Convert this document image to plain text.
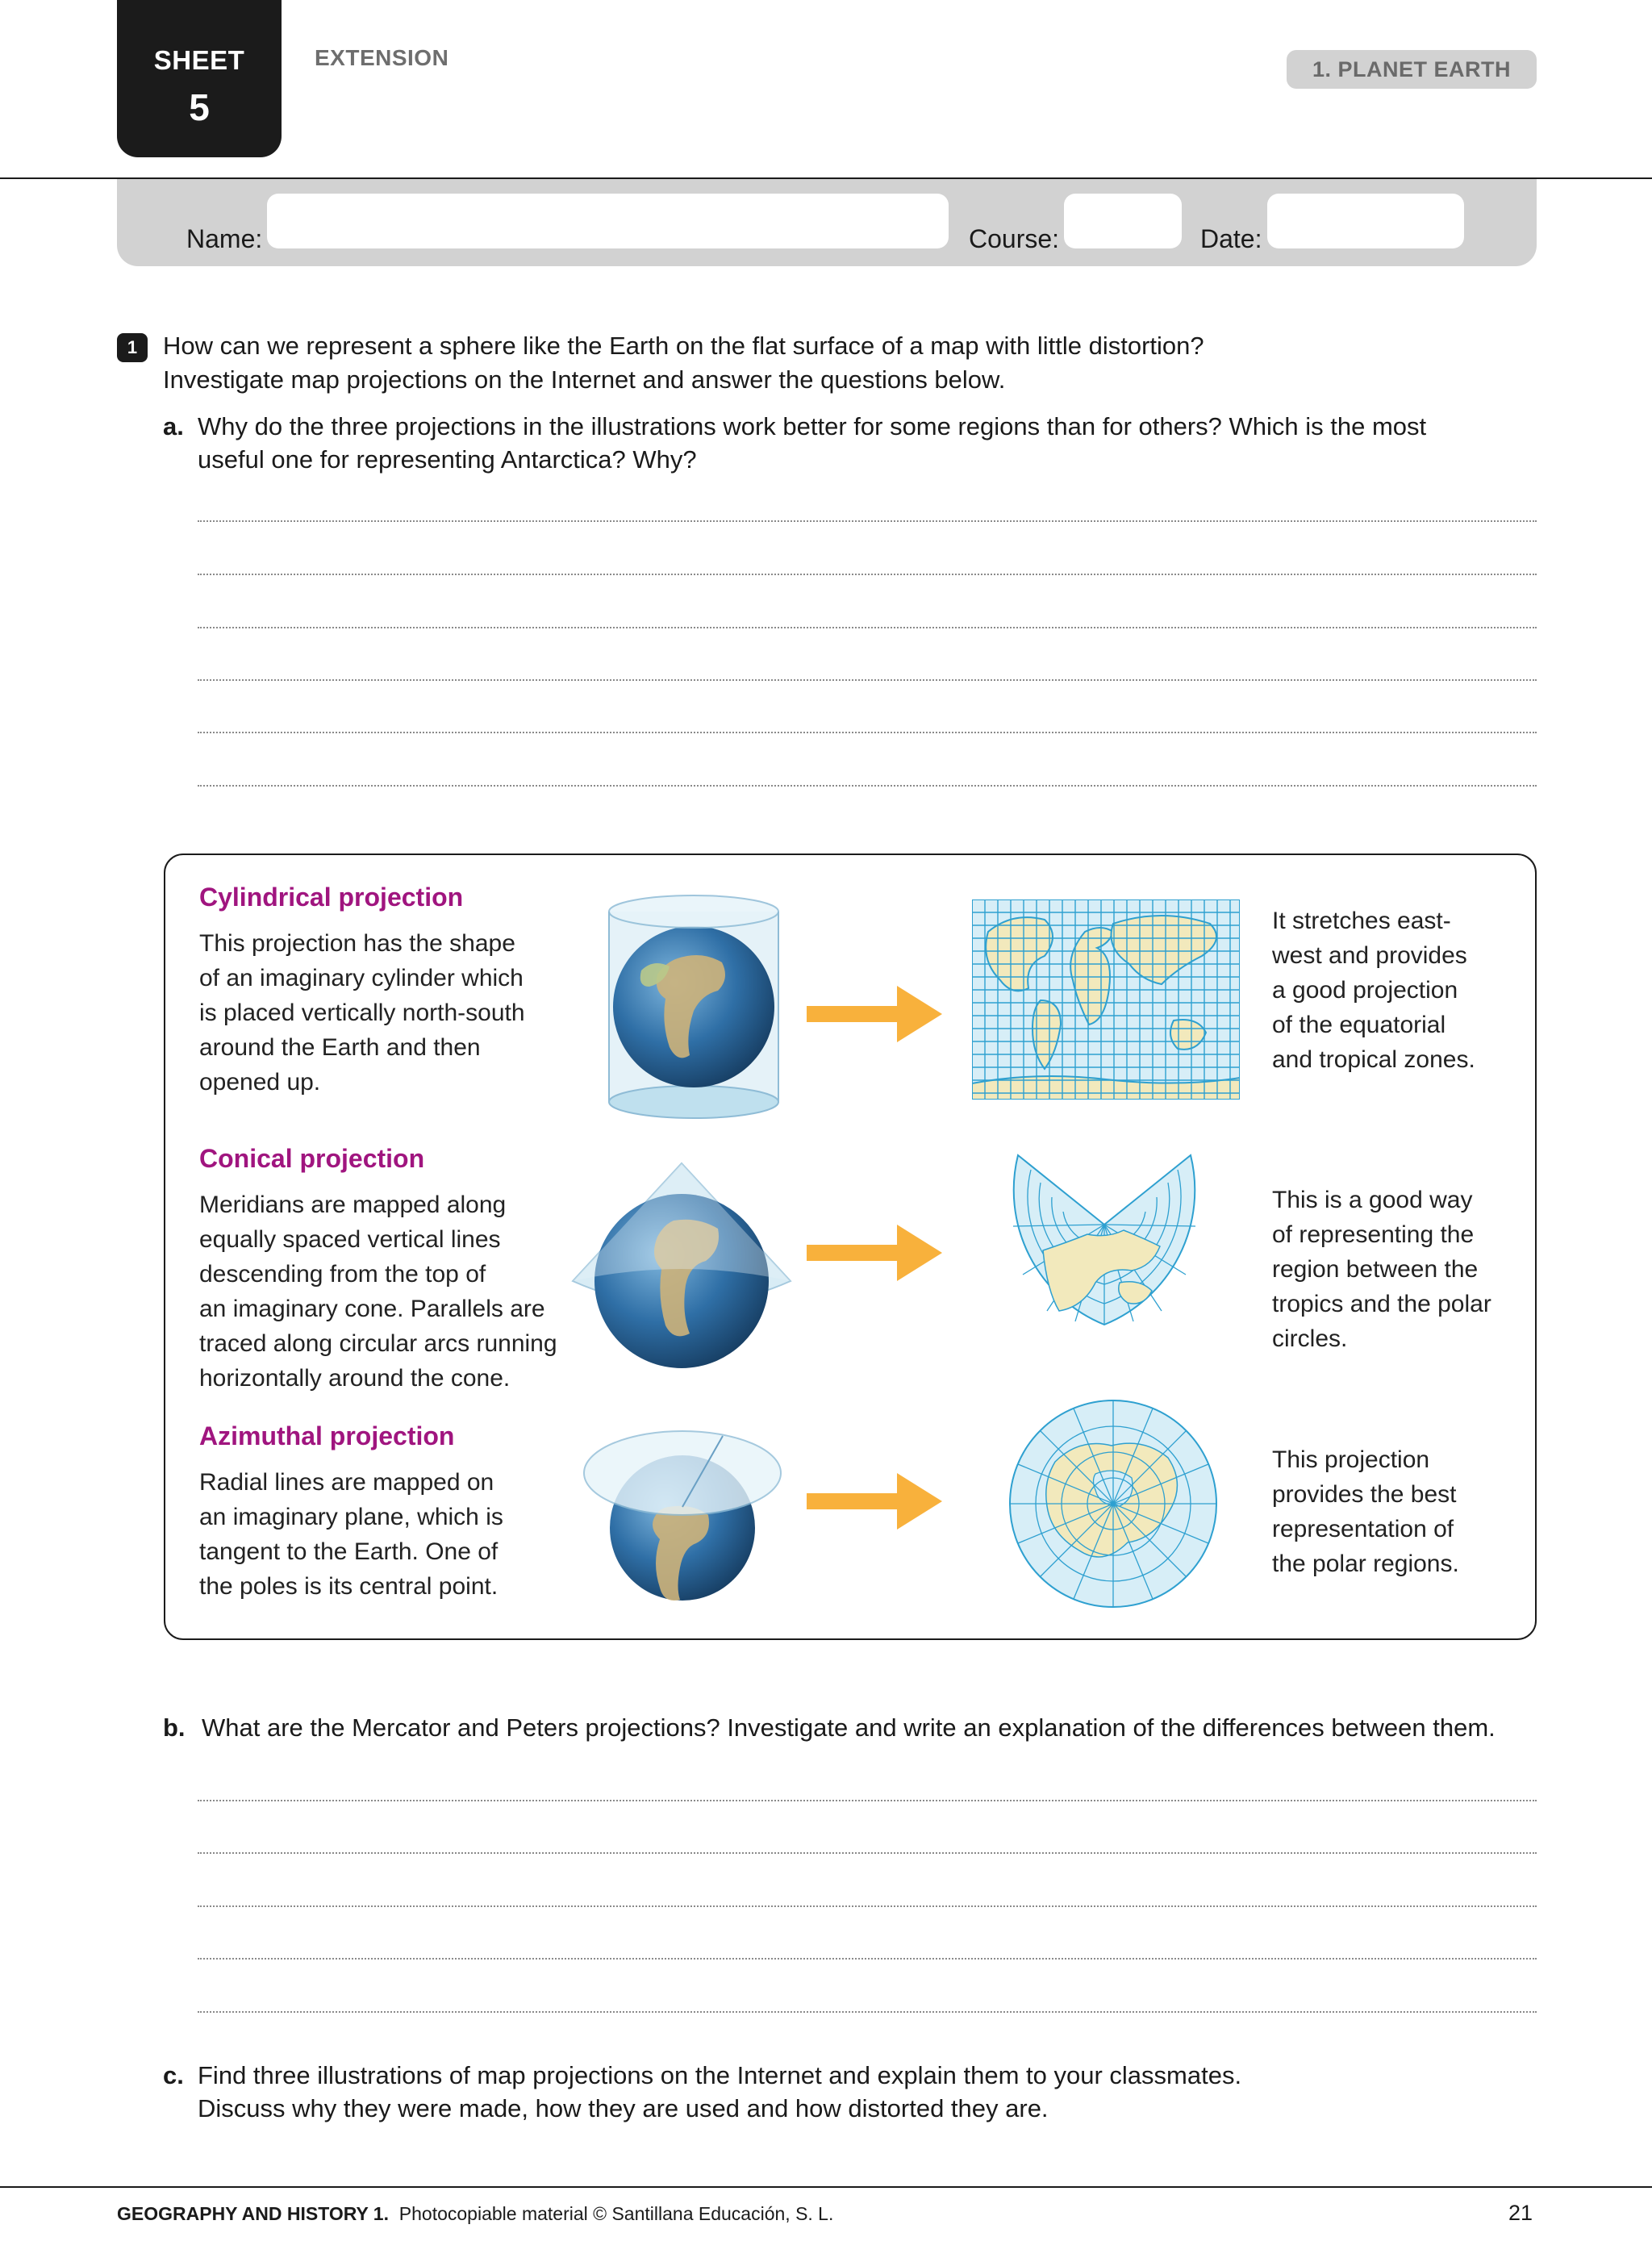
SHEET
5
EXTENSION	1. PLANET EARTH
Name:	Course:	Date:
1	How can we represent a sphere like the Earth on the flat surface of a map with little distortion?
Investigate map projections on the Internet and answer the questions below.
a. Why do the three projections in the illustrations work better for some regions than for others? Which is the most
useful one for representing Antarctica? Why?
Cylindrical projection
This projection has the shape
of an imaginary cylinder which
is placed vertically north-south
around the Earth and then
opened up.
It stretches east-
west and provides
a good projection
of the equatorial
and tropical zones.
Conical projection
Meridians are mapped along
equally spaced vertical lines
descending from the top of
an imaginary cone. Parallels are
traced along circular arcs running
horizontally around the cone.
This is a good way
of representing the
region between the
tropics and the polar
circles.
Azimuthal projection
Radial lines are mapped on
an imaginary plane, which is
tangent to the Earth. One of
the poles is its central point.
This projection
provides the best
representation of
the polar regions.
b. What are the Mercator and Peters projections? Investigate and write an explanation of the differences between them.
c. Find three illustrations of map projections on the Internet and explain them to your classmates.
Discuss why they were made, how they are used and how distorted they are.
GEOGRAPHY AND HISTORY 1. Photocopiable material © Santillana Educación, S. L.	21
